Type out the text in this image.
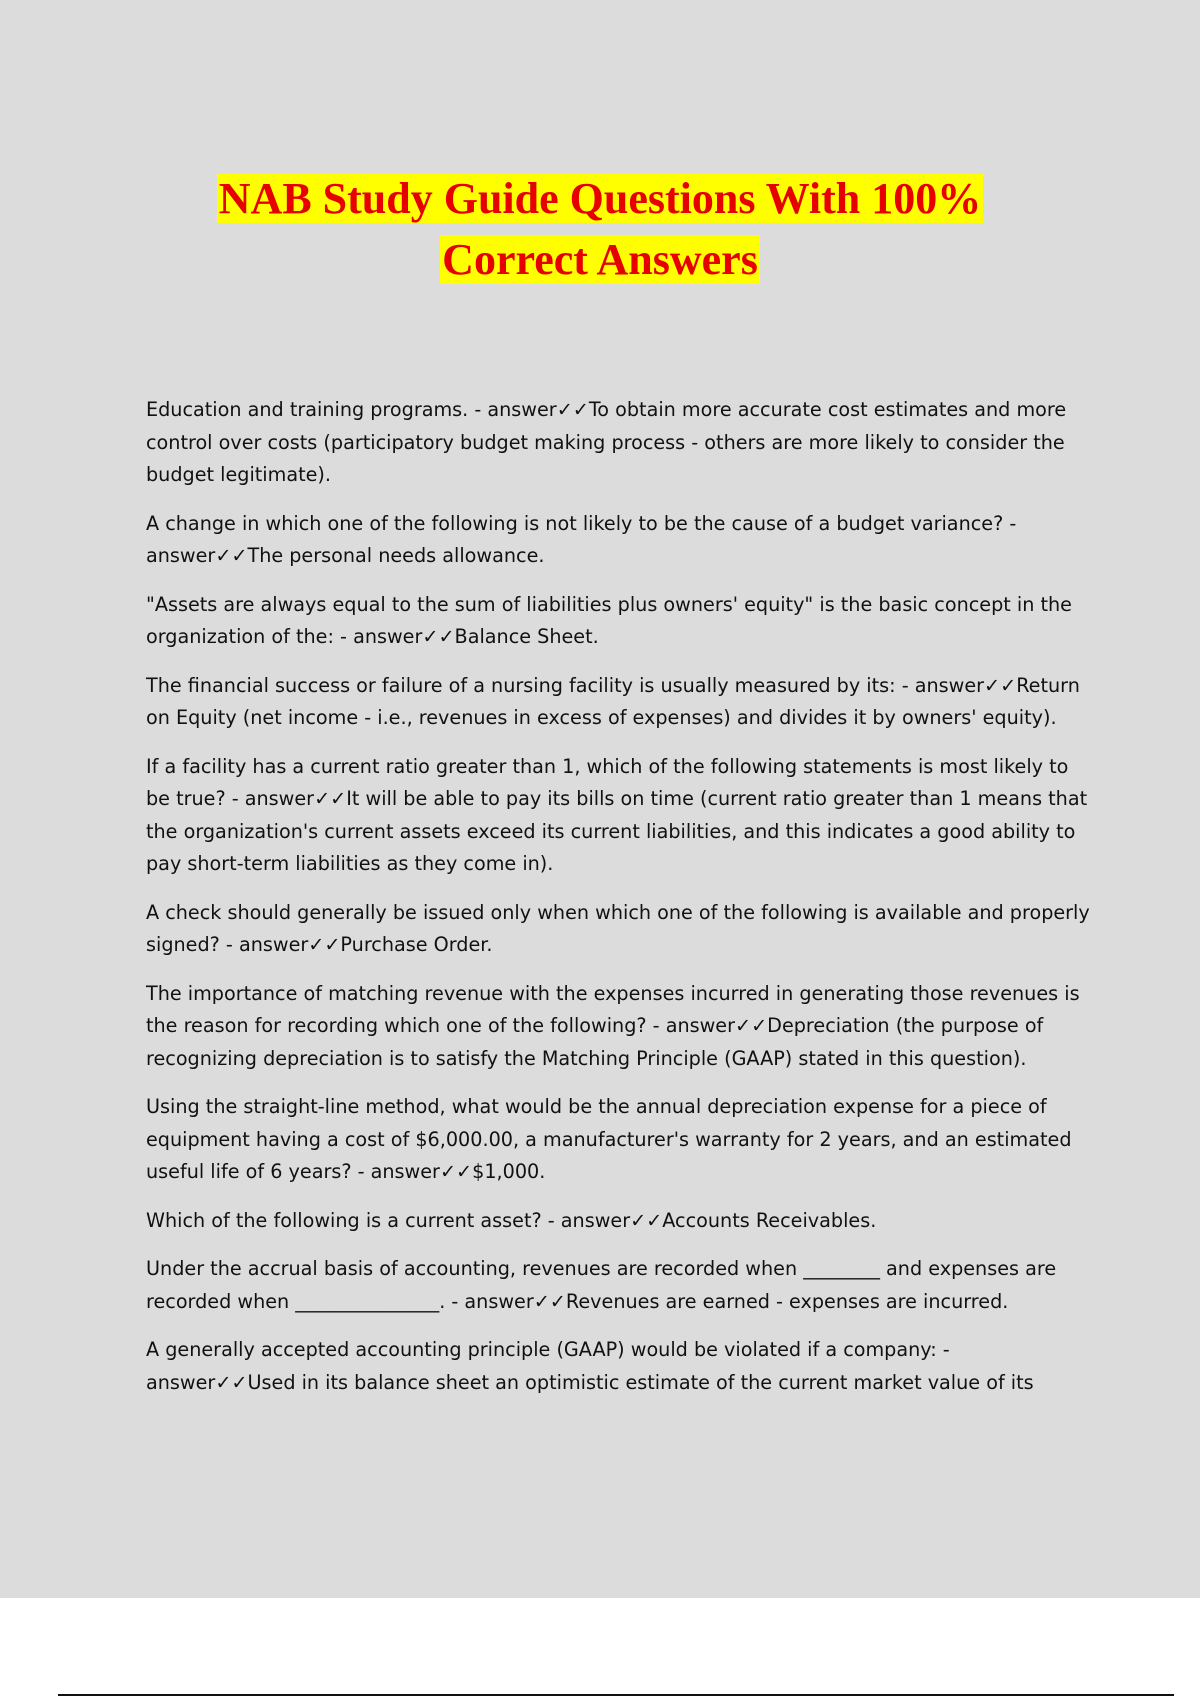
NAB Study Guide Questions With 100%
Correct Answers

Education and training programs. - answer✓✓To obtain more accurate cost estimates and more control over costs (participatory budget making process - others are more likely to consider the budget legitimate).

A change in which one of the following is not likely to be the cause of a budget variance? - answer✓✓The personal needs allowance.

"Assets are always equal to the sum of liabilities plus owners' equity" is the basic concept in the organization of the: - answer✓✓Balance Sheet.

The financial success or failure of a nursing facility is usually measured by its: - answer✓✓Return on Equity (net income - i.e., revenues in excess of expenses) and divides it by owners' equity).

If a facility has a current ratio greater than 1, which of the following statements is most likely to be true? - answer✓✓It will be able to pay its bills on time (current ratio greater than 1 means that the organization's current assets exceed its current liabilities, and this indicates a good ability to pay short-term liabilities as they come in).

A check should generally be issued only when which one of the following is available and properly signed? - answer✓✓Purchase Order.

The importance of matching revenue with the expenses incurred in generating those revenues is the reason for recording which one of the following? - answer✓✓Depreciation (the purpose of recognizing depreciation is to satisfy the Matching Principle (GAAP) stated in this question).

Using the straight-line method, what would be the annual depreciation expense for a piece of equipment having a cost of $6,000.00, a manufacturer's warranty for 2 years, and an estimated useful life of 6 years? - answer✓✓$1,000.

Which of the following is a current asset? - answer✓✓Accounts Receivables.

Under the accrual basis of accounting, revenues are recorded when ________ and expenses are recorded when _______________. - answer✓✓Revenues are earned - expenses are incurred.

A generally accepted accounting principle (GAAP) would be violated if a company: - answer✓✓Used in its balance sheet an optimistic estimate of the current market value of its
